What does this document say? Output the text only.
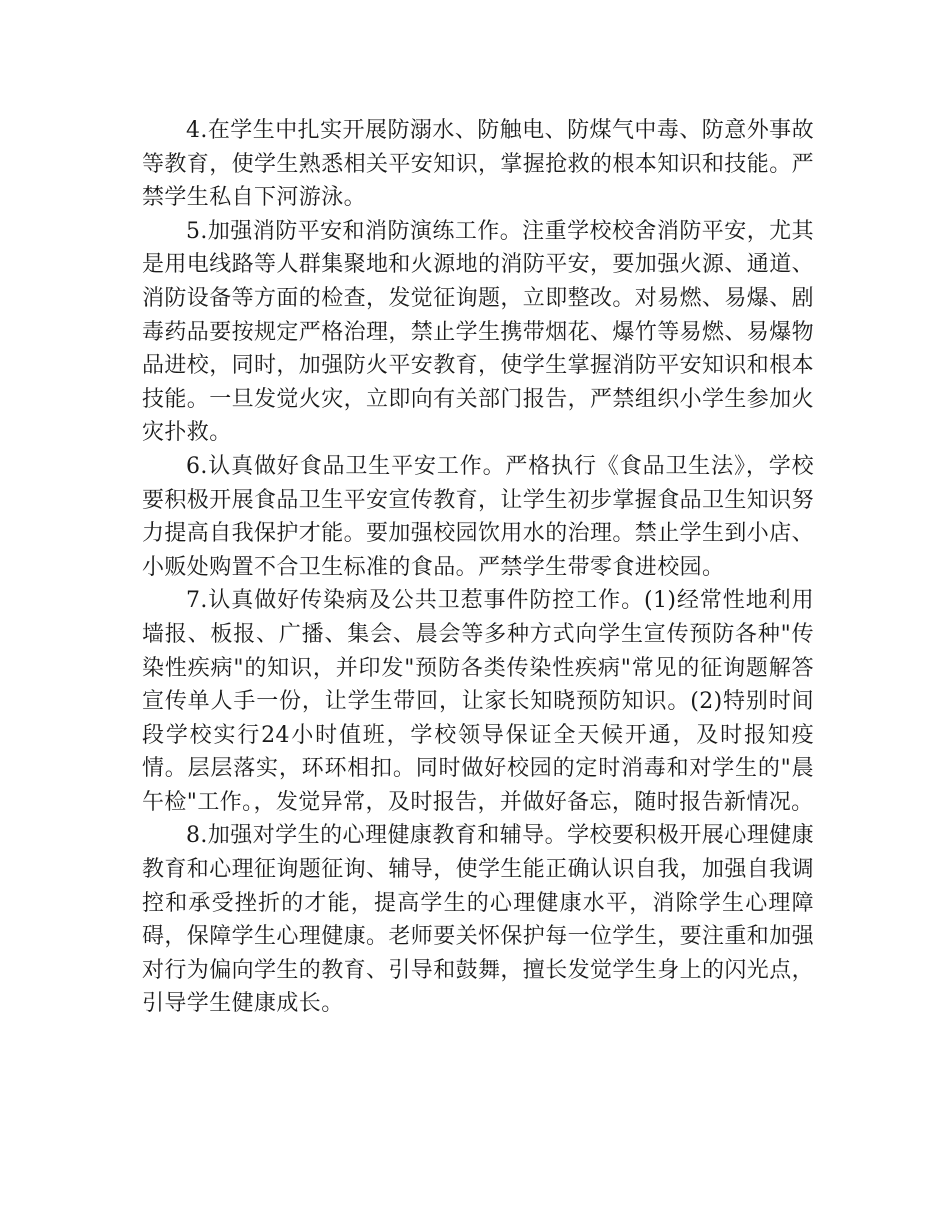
4.在学生中扎实开展防溺水、防触电、防煤气中毒、防意外事故等教育，使学生熟悉相关平安知识，掌握抢救的根本知识和技能。严禁学生私自下河游泳。

5.加强消防平安和消防演练工作。注重学校校舍消防平安，尤其是用电线路等人群集聚地和火源地的消防平安，要加强火源、通道、消防设备等方面的检查，发觉征询题，立即整改。对易燃、易爆、剧毒药品要按规定严格治理，禁止学生携带烟花、爆竹等易燃、易爆物品进校，同时，加强防火平安教育，使学生掌握消防平安知识和根本技能。一旦发觉火灾，立即向有关部门报告，严禁组织小学生参加火灾扑救。

6.认真做好食品卫生平安工作。严格执行《食品卫生法》，学校要积极开展食品卫生平安宣传教育，让学生初步掌握食品卫生知识努力提高自我保护才能。要加强校园饮用水的治理。禁止学生到小店、小贩处购置不合卫生标准的食品。严禁学生带零食进校园。

7.认真做好传染病及公共卫惹事件防控工作。(1)经常性地利用墙报、板报、广播、集会、晨会等多种方式向学生宣传预防各种"传染性疾病"的知识，并印发"预防各类传染性疾病"常见的征询题解答宣传单人手一份，让学生带回，让家长知晓预防知识。(2)特别时间段学校实行24小时值班，学校领导保证全天候开通，及时报知疫情。层层落实，环环相扣。同时做好校园的定时消毒和对学生的"晨午检"工作。，发觉异常，及时报告，并做好备忘，随时报告新情况。

8.加强对学生的心理健康教育和辅导。学校要积极开展心理健康教育和心理征询题征询、辅导，使学生能正确认识自我，加强自我调控和承受挫折的才能，提高学生的心理健康水平，消除学生心理障碍，保障学生心理健康。老师要关怀保护每一位学生，要注重和加强对行为偏向学生的教育、引导和鼓舞，擅长发觉学生身上的闪光点，引导学生健康成长。
